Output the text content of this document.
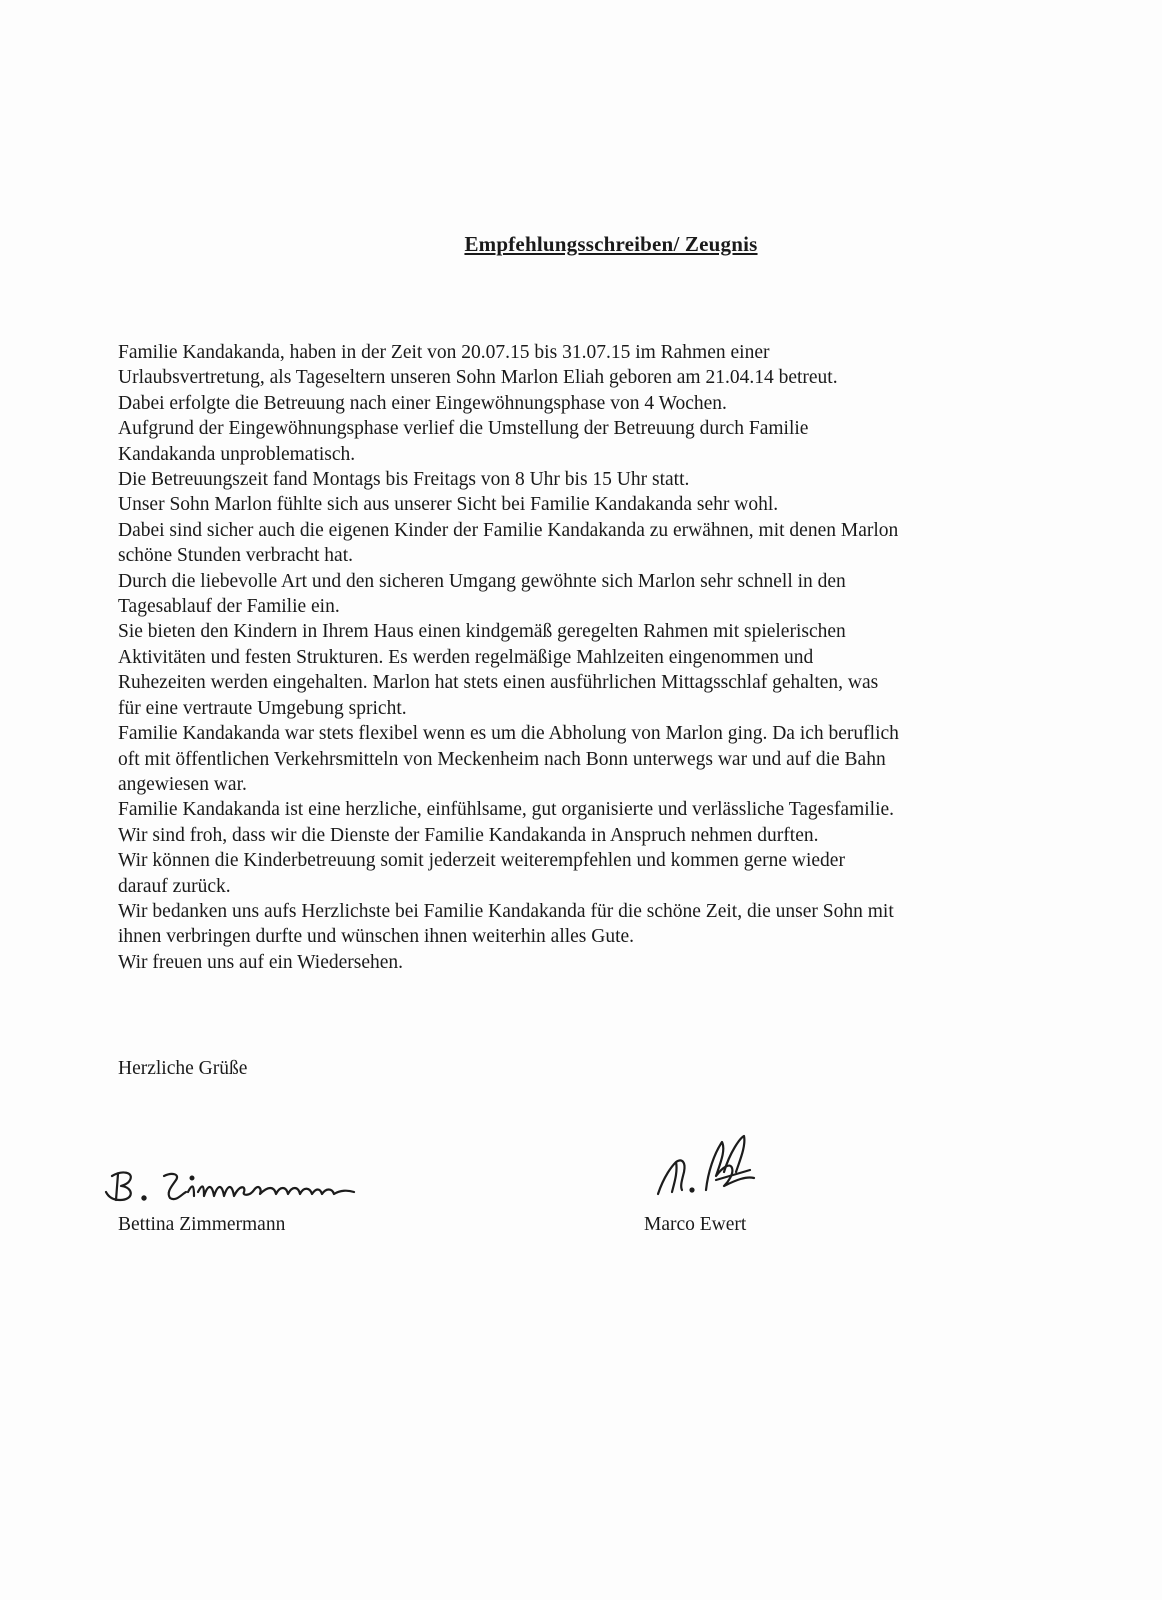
Empfehlungsschreiben/ Zeugnis
Familie Kandakanda, haben in der Zeit von 20.07.15 bis 31.07.15 im Rahmen einer
Urlaubsvertretung, als Tageseltern unseren Sohn Marlon Eliah geboren am 21.04.14 betreut.
Dabei erfolgte die Betreuung nach einer Eingewöhnungsphase von 4 Wochen.
Aufgrund der Eingewöhnungsphase verlief die Umstellung der Betreuung durch Familie
Kandakanda unproblematisch.
Die Betreuungszeit fand Montags bis Freitags von 8 Uhr bis 15 Uhr statt.
Unser Sohn Marlon fühlte sich aus unserer Sicht bei Familie Kandakanda sehr wohl.
Dabei sind sicher auch die eigenen Kinder der Familie Kandakanda zu erwähnen, mit denen Marlon
schöne Stunden verbracht hat.
Durch die liebevolle Art und den sicheren Umgang gewöhnte sich Marlon sehr schnell in den
Tagesablauf der Familie ein.
Sie bieten den Kindern in Ihrem Haus einen kindgemäß geregelten Rahmen mit spielerischen
Aktivitäten und festen Strukturen. Es werden regelmäßige Mahlzeiten eingenommen und
Ruhezeiten werden eingehalten. Marlon hat stets einen ausführlichen Mittagsschlaf gehalten, was
für eine vertraute Umgebung spricht.
Familie Kandakanda war stets flexibel wenn es um die Abholung von Marlon ging. Da ich beruflich
oft mit öffentlichen Verkehrsmitteln von Meckenheim nach Bonn unterwegs war und auf die Bahn
angewiesen war.
Familie Kandakanda ist eine herzliche, einfühlsame, gut organisierte und verlässliche Tagesfamilie.
Wir sind froh, dass wir die Dienste der Familie Kandakanda in Anspruch nehmen durften.
Wir können die Kinderbetreuung somit jederzeit weiterempfehlen und kommen gerne wieder
darauf zurück.
Wir bedanken uns aufs Herzlichste bei Familie Kandakanda für die schöne Zeit, die unser Sohn mit
ihnen verbringen durfte und wünschen ihnen weiterhin alles Gute.
Wir freuen uns auf ein Wiedersehen.
Herzliche Grüße
Bettina Zimmermann	Marco Ewert
